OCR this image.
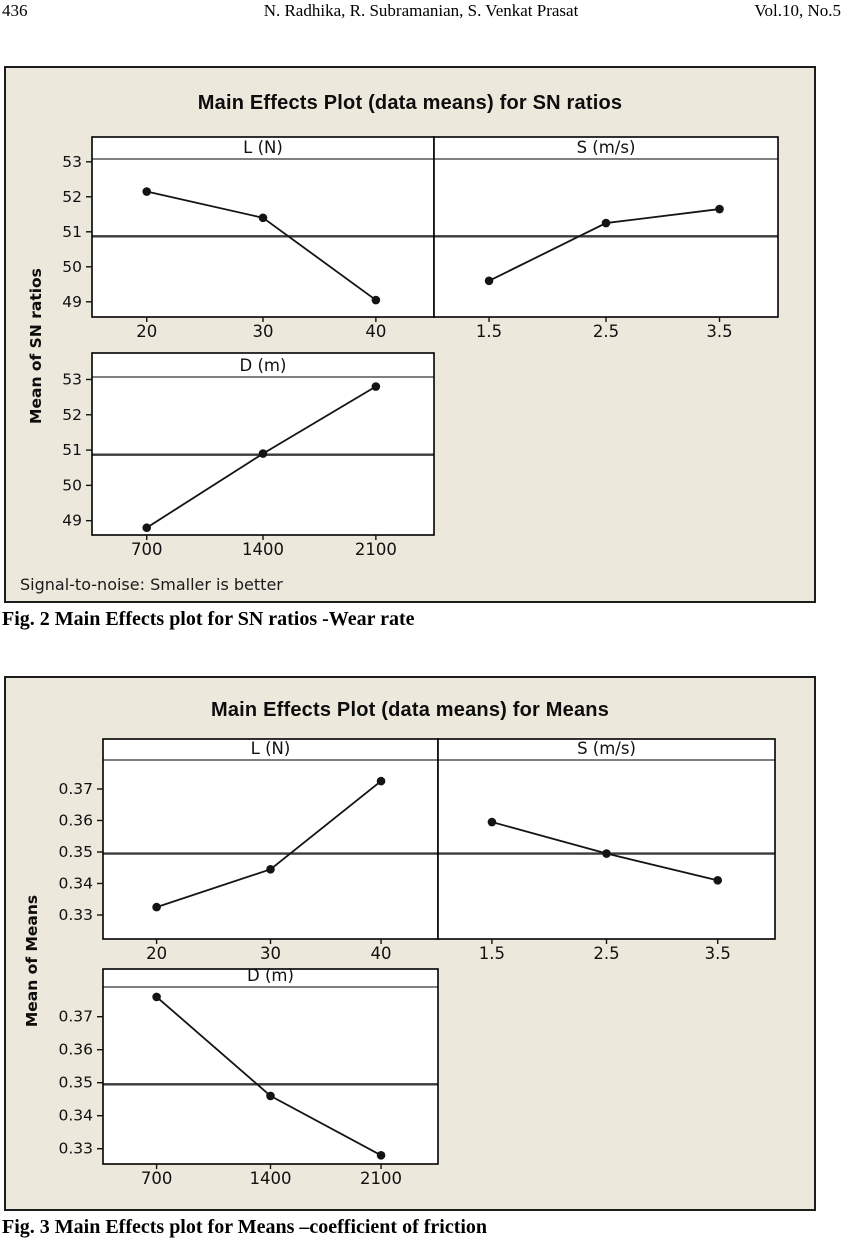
436	N. Radhika, R. Subramanian, S. Venkat Prasat	Vol.10, No.5
Main Effects Plot (data means) for SN ratios
Mean of SN ratios
L (N)
53
52
51
50
49
20	30	40
S (m/s)
1.5	2.5	3.5
D (m)
53
52
51
50
49
700	1400	2100
Signal-to-noise: Smaller is better
Fig. 2 Main Effects plot for SN ratios -Wear rate
Main Effects Plot (data means) for Means
Mean of Means
L (N)
0.37
0.36
0.35
0.34
0.33
20	30	40
S (m/s)
1.5	2.5	3.5
D (m)
0.37
0.36
0.35
0.34
0.33
700	1400	2100
Fig. 3 Main Effects plot for Means –coefficient of friction
